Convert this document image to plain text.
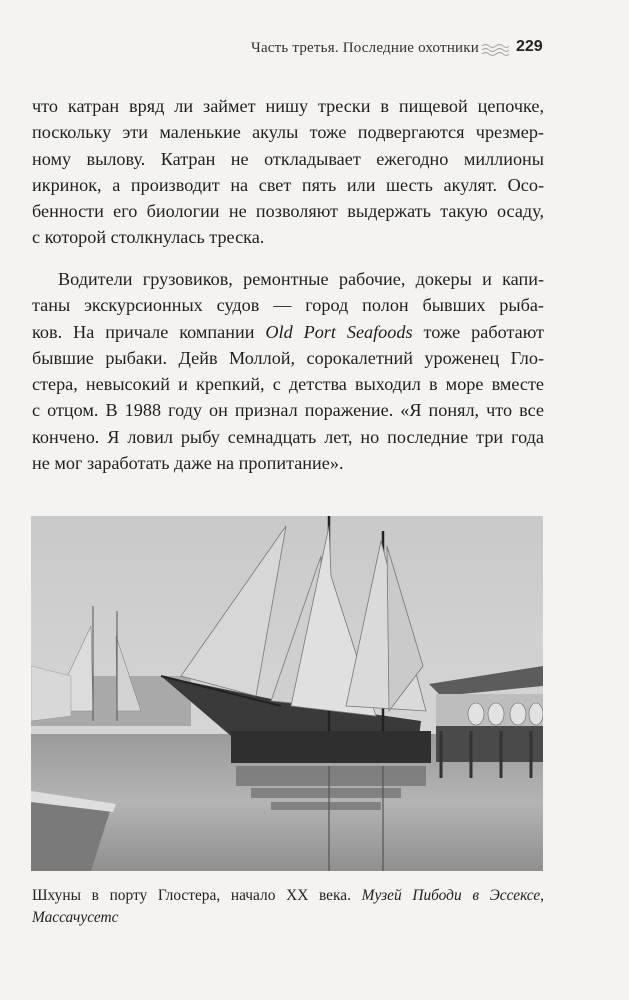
Часть третья. Последние охотники 229
что катран вряд ли займет нишу трески в пищевой цепочке,
поскольку эти маленькие акулы тоже подвергаются чрезмер-
ному вылову. Катран не откладывает ежегодно миллионы
икринок, а производит на свет пять или шесть акулят. Осо-
бенности его биологии не позволяют выдержать такую осаду,
с которой столкнулась треска.
Водители грузовиков, ремонтные рабочие, докеры и капи-
таны экскурсионных судов — город полон бывших рыба-
ков. На причале компании Old Port Seafoods тоже работают
бывшие рыбаки. Дейв Моллой, сорокалетний уроженец Гло-
стера, невысокий и крепкий, с детства выходил в море вместе
с отцом. В 1988 году он признал поражение. «Я понял, что все
кончено. Я ловил рыбу семнадцать лет, но последние три года
не мог заработать даже на пропитание».
Шхуны в порту Глостера, начало XX века. Музей Пибоди в Эссексе,
Массачусетс
